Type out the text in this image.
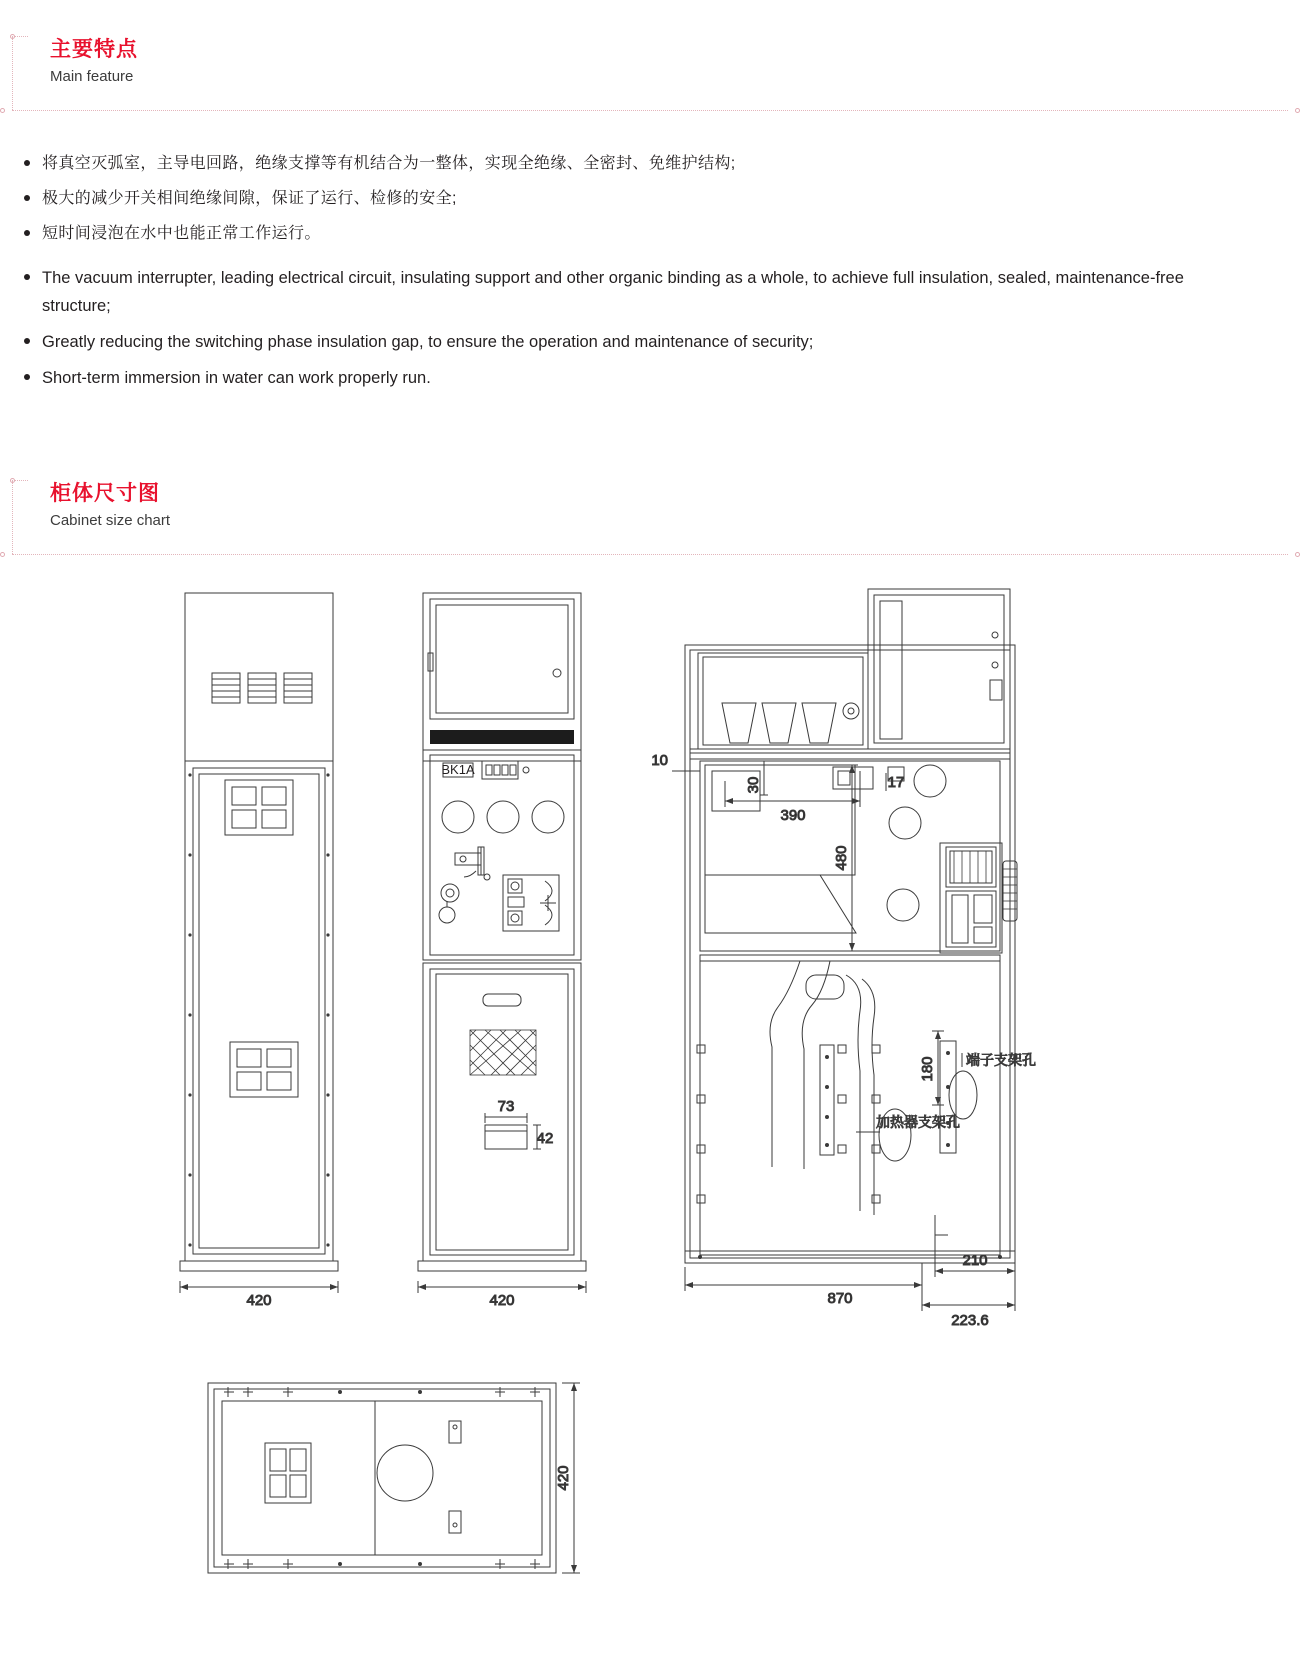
主要特点

Main feature

将真空灭弧室，主导电回路，绝缘支撑等有机结合为一整体，实现全绝缘、全密封、免维护结构;
极大的减少开关相间绝缘间隙，保证了运行、检修的安全;
短时间浸泡在水中也能正常工作运行。
The vacuum interrupter, leading electrical circuit, insulating support and other organic binding as a whole, to achieve full insulation, sealed, maintenance-free structure;
Greatly reducing the switching phase insulation gap, to ensure the operation and maintenance of security;
Short-term immersion in water can work properly run.

柜体尺寸图

Cabinet size chart

420
BK1A
73
42
420
10
30	17
390
480
180 端子支架孔
加热器支架孔
870
210
223.6
420
